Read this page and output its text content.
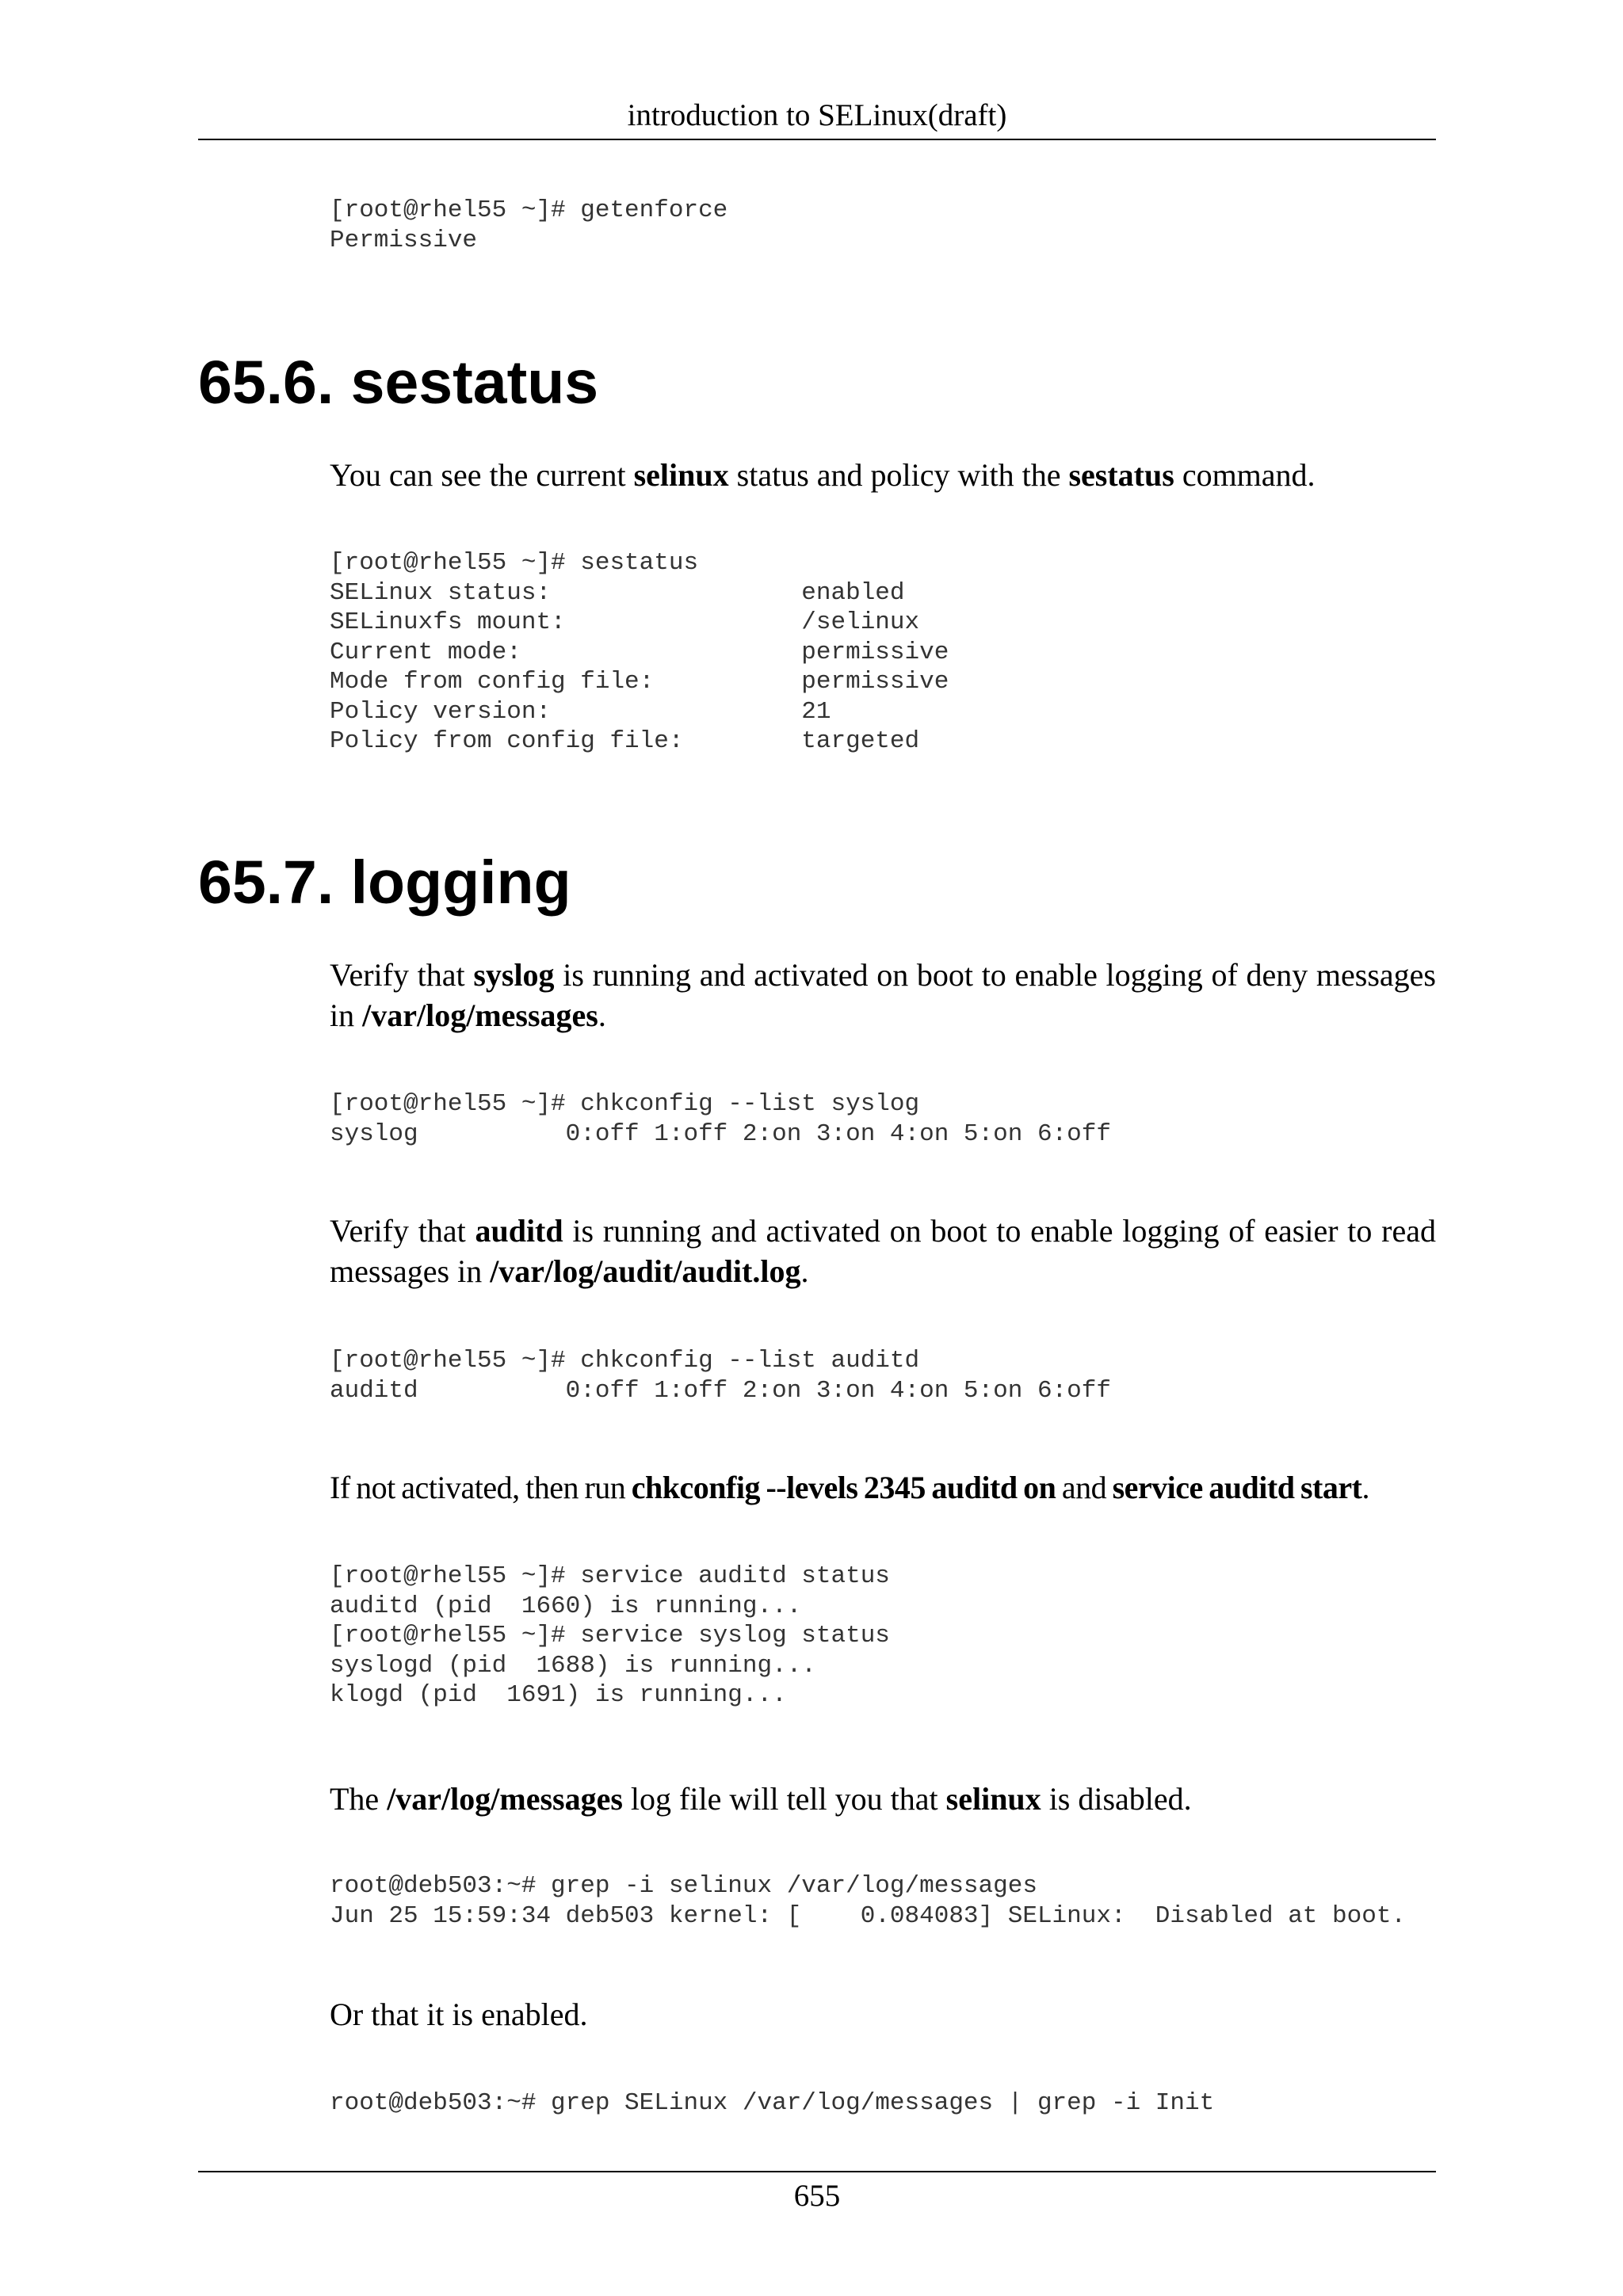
introduction to SELinux(draft)
[root@rhel55 ~]# getenforce
Permissive
65.6. sestatus

You can see the current selinux status and policy with the sestatus command.

[root@rhel55 ~]# sestatus
SELinux status:                 enabled
SELinuxfs mount:                /selinux
Current mode:                   permissive
Mode from config file:          permissive
Policy version:                 21
Policy from config file:        targeted
65.7. logging

Verify that syslog is running and activated on boot to enable logging of deny messages in /var/log/messages.

[root@rhel55 ~]# chkconfig --list syslog
syslog          0:off 1:off 2:on 3:on 4:on 5:on 6:off

Verify that auditd is running and activated on boot to enable logging of easier to read messages in /var/log/audit/audit.log.

[root@rhel55 ~]# chkconfig --list auditd
auditd          0:off 1:off 2:on 3:on 4:on 5:on 6:off

If not activated, then run chkconfig --levels 2345 auditd on and service auditd start.

[root@rhel55 ~]# service auditd status
auditd (pid  1660) is running...
[root@rhel55 ~]# service syslog status
syslogd (pid  1688) is running...
klogd (pid  1691) is running...

The /var/log/messages log file will tell you that selinux is disabled.

root@deb503:~# grep -i selinux /var/log/messages
Jun 25 15:59:34 deb503 kernel: [    0.084083] SELinux:  Disabled at boot.

Or that it is enabled.

root@deb503:~# grep SELinux /var/log/messages | grep -i Init
655
